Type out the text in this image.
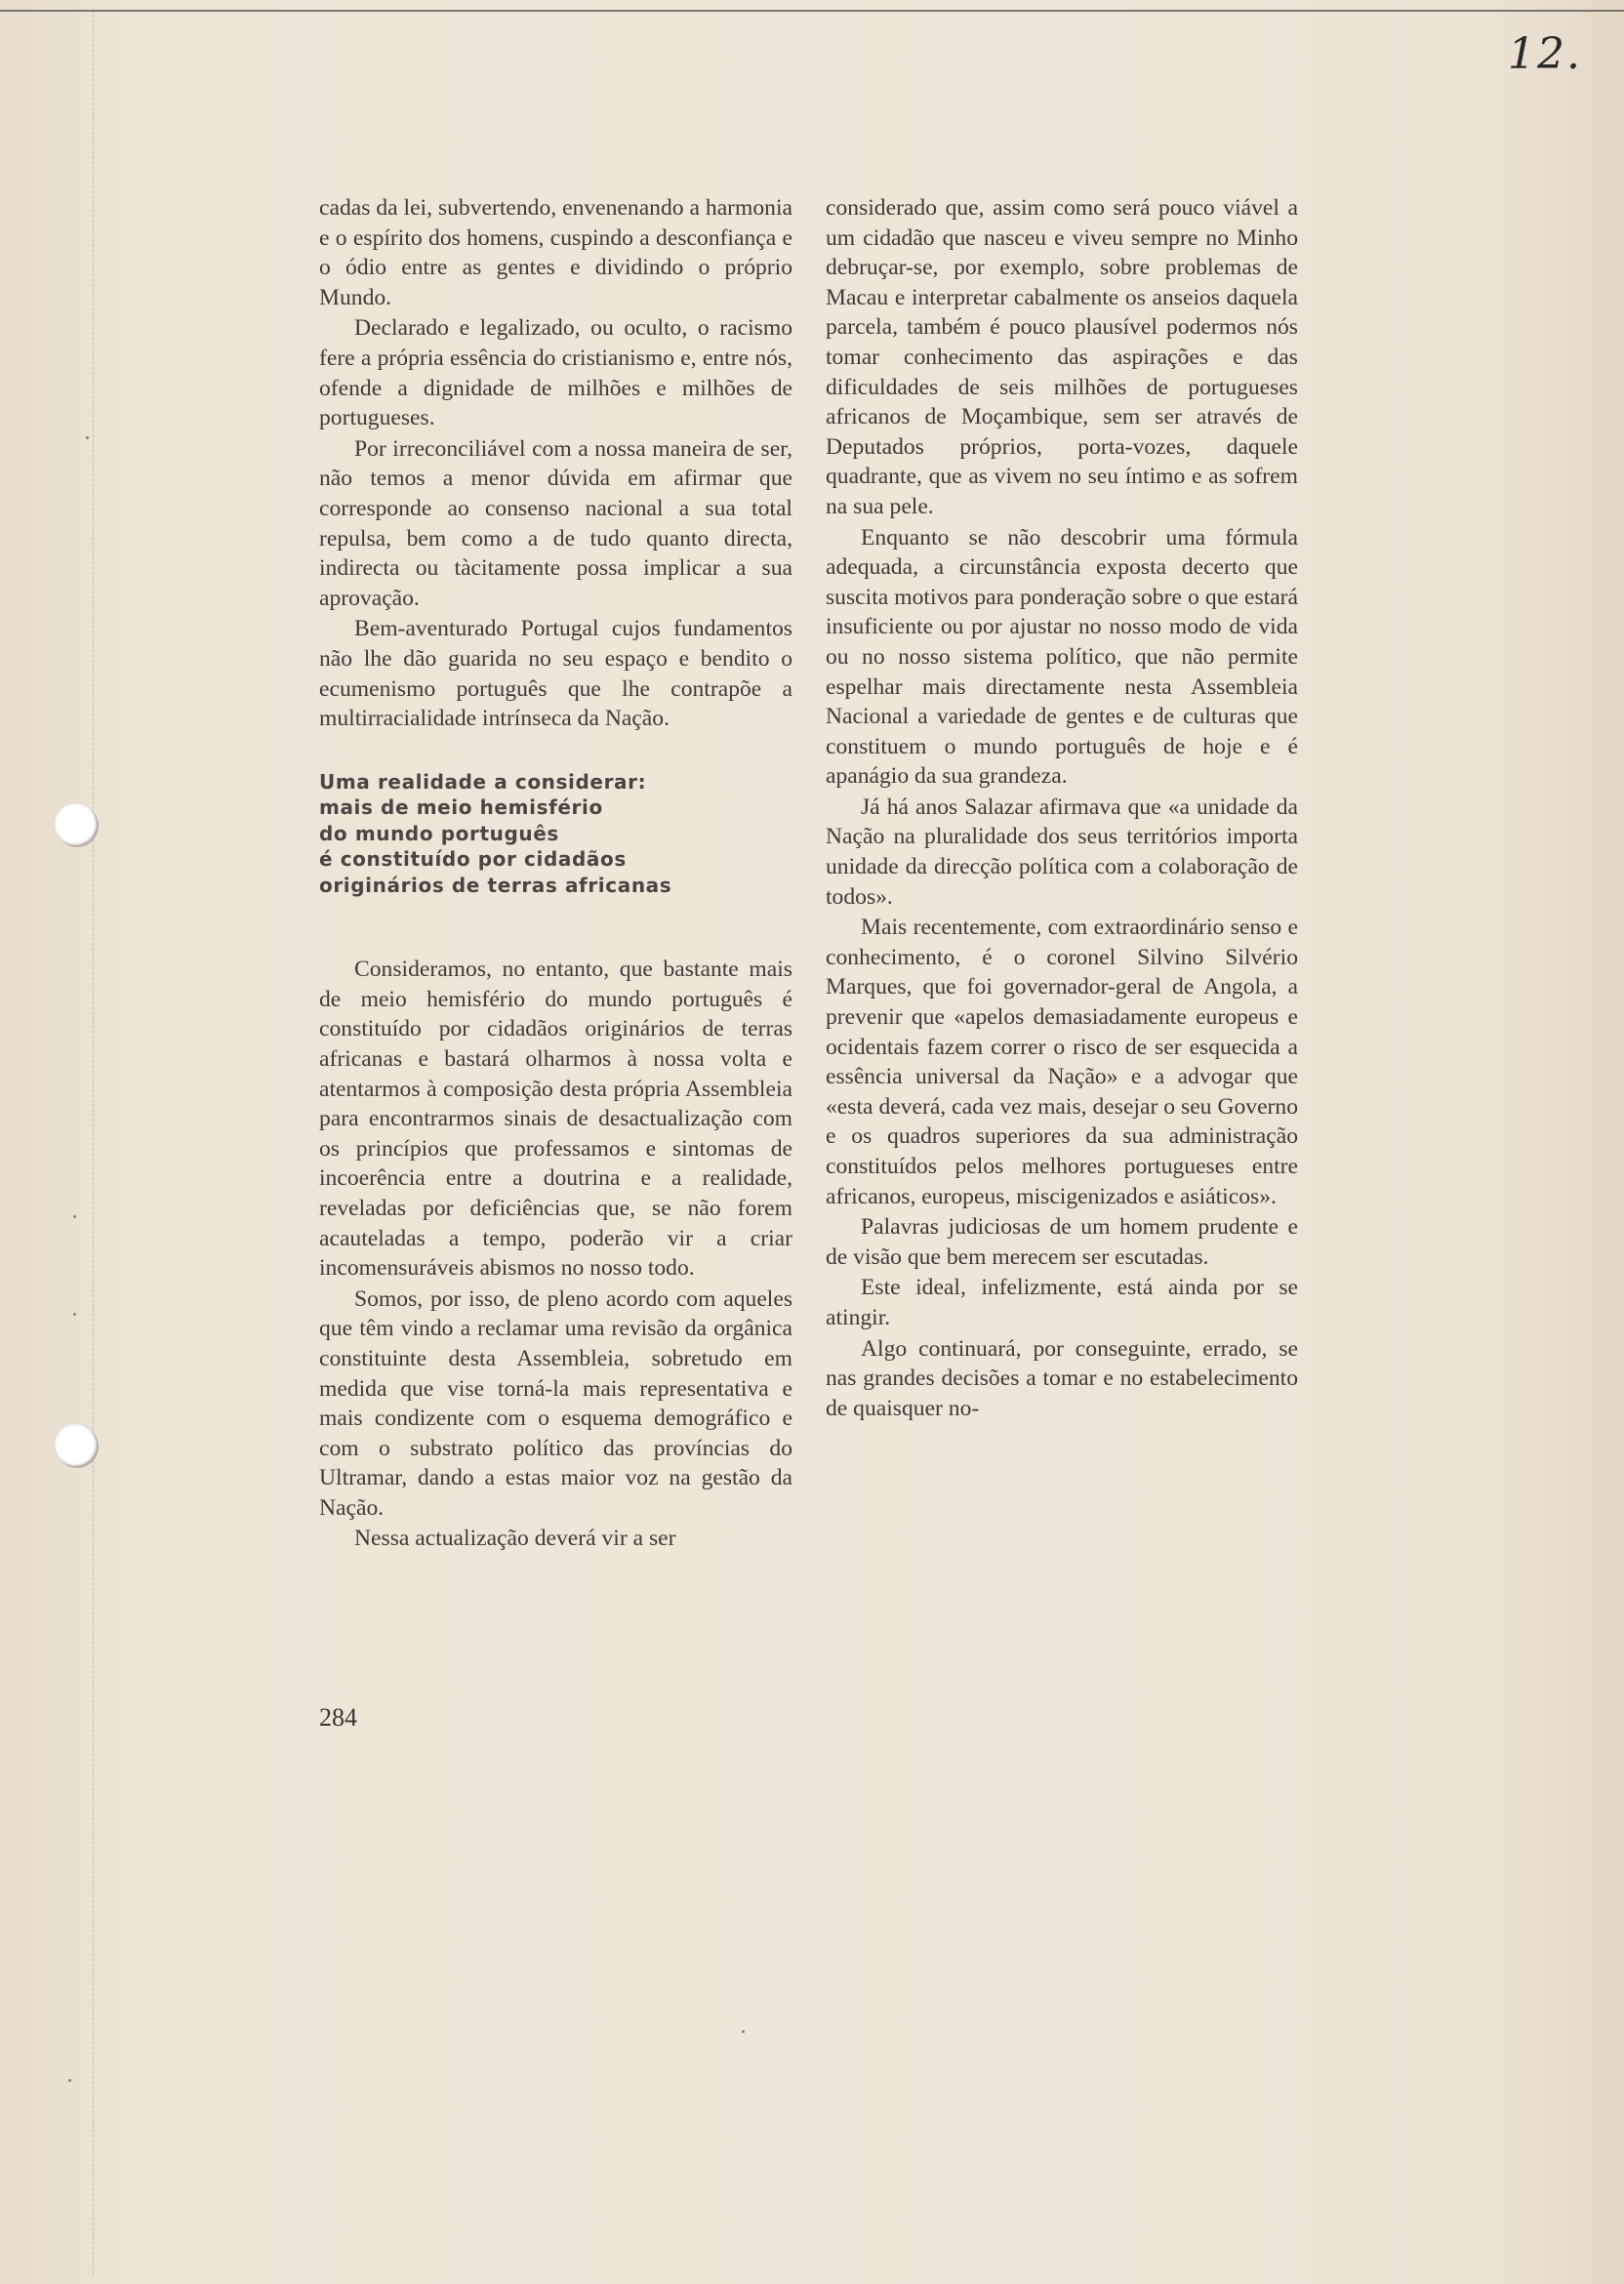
12.

cadas da lei, subvertendo, envenenando a harmonia e o espírito dos homens, cuspindo a desconfiança e o ódio entre as gentes e dividindo o próprio Mundo.

Declarado e legalizado, ou oculto, o racismo fere a própria essência do cristianismo e, entre nós, ofende a dignidade de milhões e milhões de portugueses.

Por irreconciliável com a nossa maneira de ser, não temos a menor dúvida em afirmar que corresponde ao consenso nacional a sua total repulsa, bem como a de tudo quanto directa, indirecta ou tàcitamente possa implicar a sua aprovação.

Bem-aventurado Portugal cujos fundamentos não lhe dão guarida no seu espaço e bendito o ecumenismo português que lhe contrapõe a multirracialidade intrínseca da Nação.

Uma realidade a considerar:
mais de meio hemisfério
do mundo português
é constituído por cidadãos
originários de terras africanas

Consideramos, no entanto, que bastante mais de meio hemisfério do mundo português é constituído por cidadãos originários de terras africanas e bastará olharmos à nossa volta e atentarmos à composição desta própria Assembleia para encontrarmos sinais de desactualização com os princípios que professamos e sintomas de incoerência entre a doutrina e a realidade, reveladas por deficiências que, se não forem acauteladas a tempo, poderão vir a criar incomensuráveis abismos no nosso todo.

Somos, por isso, de pleno acordo com aqueles que têm vindo a reclamar uma revisão da orgânica constituinte desta Assembleia, sobretudo em medida que vise torná-la mais representativa e mais condizente com o esquema demográfico e com o substrato político das províncias do Ultramar, dando a estas maior voz na gestão da Nação.

Nessa actualização deverá vir a ser

considerado que, assim como será pouco viável a um cidadão que nasceu e viveu sempre no Minho debruçar-se, por exemplo, sobre problemas de Macau e interpretar cabalmente os anseios daquela parcela, também é pouco plausível podermos nós tomar conhecimento das aspirações e das dificuldades de seis milhões de portugueses africanos de Moçambique, sem ser através de Deputados próprios, porta-vozes, daquele quadrante, que as vivem no seu íntimo e as sofrem na sua pele.

Enquanto se não descobrir uma fórmula adequada, a circunstância exposta decerto que suscita motivos para ponderação sobre o que estará insuficiente ou por ajustar no nosso modo de vida ou no nosso sistema político, que não permite espelhar mais directamente nesta Assembleia Nacional a variedade de gentes e de culturas que constituem o mundo português de hoje e é apanágio da sua grandeza.

Já há anos Salazar afirmava que «a unidade da Nação na pluralidade dos seus territórios importa unidade da direcção política com a colaboração de todos».

Mais recentemente, com extraordinário senso e conhecimento, é o coronel Silvino Silvério Marques, que foi governador-geral de Angola, a prevenir que «apelos demasiadamente europeus e ocidentais fazem correr o risco de ser esquecida a essência universal da Nação» e a advogar que «esta deverá, cada vez mais, desejar o seu Governo e os quadros superiores da sua administração constituídos pelos melhores portugueses entre africanos, europeus, miscigenizados e asiáticos».

Palavras judiciosas de um homem prudente e de visão que bem merecem ser escutadas.

Este ideal, infelizmente, está ainda por se atingir.

Algo continuará, por conseguinte, errado, se nas grandes decisões a tomar e no estabelecimento de quaisquer no-

284
